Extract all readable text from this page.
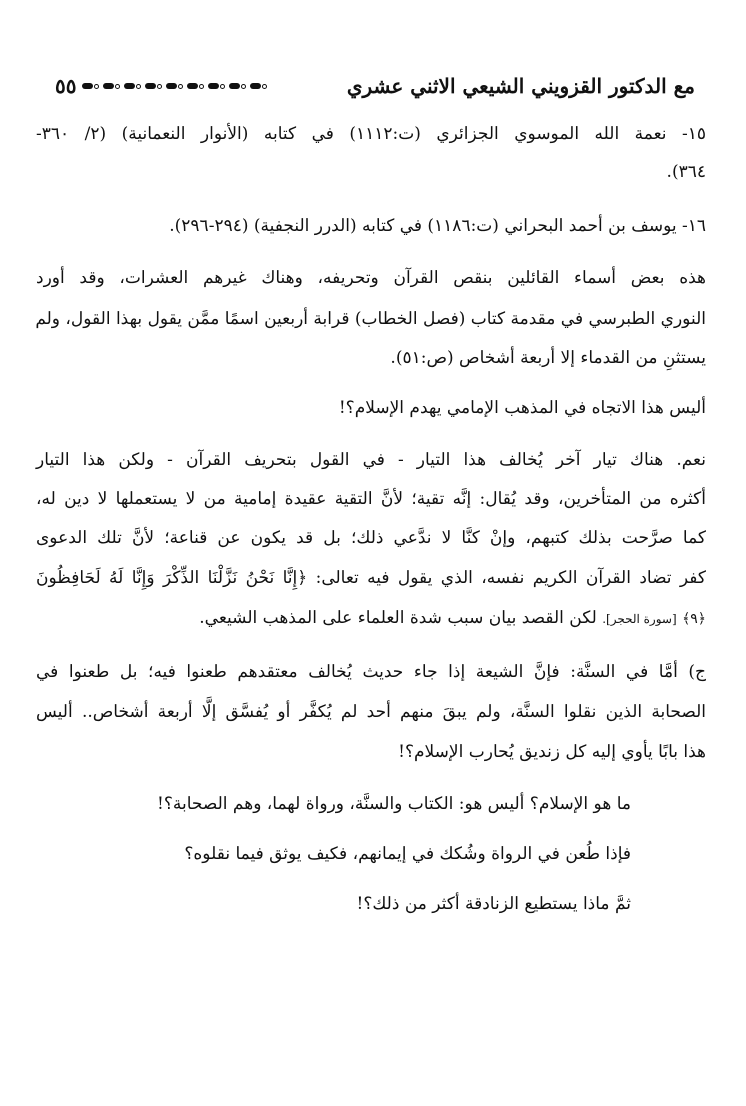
٥٥	مع الدكتور القزويني الشيعي الاثني عشري
١٥- نعمة الله الموسوي الجزائري (ت:١١١٢) في كتابه (الأنوار النعمانية) (٢/ ٣٦٠-
٣٦٤).
١٦- يوسف بن أحمد البحراني (ت:١١٨٦) في كتابه (الدرر النجفية) (٢٩٤-٢٩٦).
هذه بعض أسماء القائلين بنقص القرآن وتحريفه، وهناك غيرهم العشرات، وقد أورد
النوري الطبرسي في مقدمة كتاب (فصل الخطاب) قرابة أربعين اسمًا ممَّن يقول بهذا القول، ولم
يستثنِ من القدماء إلا أربعة أشخاص (ص:٥١).
أليس هذا الاتجاه في المذهب الإمامي يهدم الإسلام؟!
نعم. هناك تيار آخر يُخالف هذا التيار - في القول بتحريف القرآن - ولكن هذا التيار
أكثره من المتأخرين، وقد يُقال: إنَّه تقية؛ لأنَّ التقية عقيدة إمامية من لا يستعملها لا دين له،
كما صرَّحت بذلك كتبهم، وإنْ كنَّا لا ندَّعي ذلك؛ بل قد يكون عن قناعة؛ لأنَّ تلك الدعوى
كفر تضاد القرآن الكريم نفسه، الذي يقول فيه تعالى: ﴿إِنَّا نَحْنُ نَزَّلْنَا الذِّكْرَ وَإِنَّا لَهُ لَحَافِظُونَ
﴿٩﴾ [سورة الحجر]. لكن القصد بيان سبب شدة العلماء على المذهب الشيعي.
ج) أمَّا في السنَّة: فإنَّ الشيعة إذا جاء حديث يُخالف معتقدهم طعنوا فيه؛ بل طعنوا في
الصحابة الذين نقلوا السنَّة، ولم يبقَ منهم أحد لم يُكفَّر أو يُفسَّق إلَّا أربعة أشخاص.. أليس
هذا بابًا يأوي إليه كل زنديق يُحارب الإسلام؟!
ما هو الإسلام؟ أليس هو: الكتاب والسنَّة، ورواة لهما، وهم الصحابة؟!
فإذا طُعن في الرواة وشُكك في إيمانهم، فكيف يوثق فيما نقلوه؟
ثمَّ ماذا يستطيع الزنادقة أكثر من ذلك؟!
